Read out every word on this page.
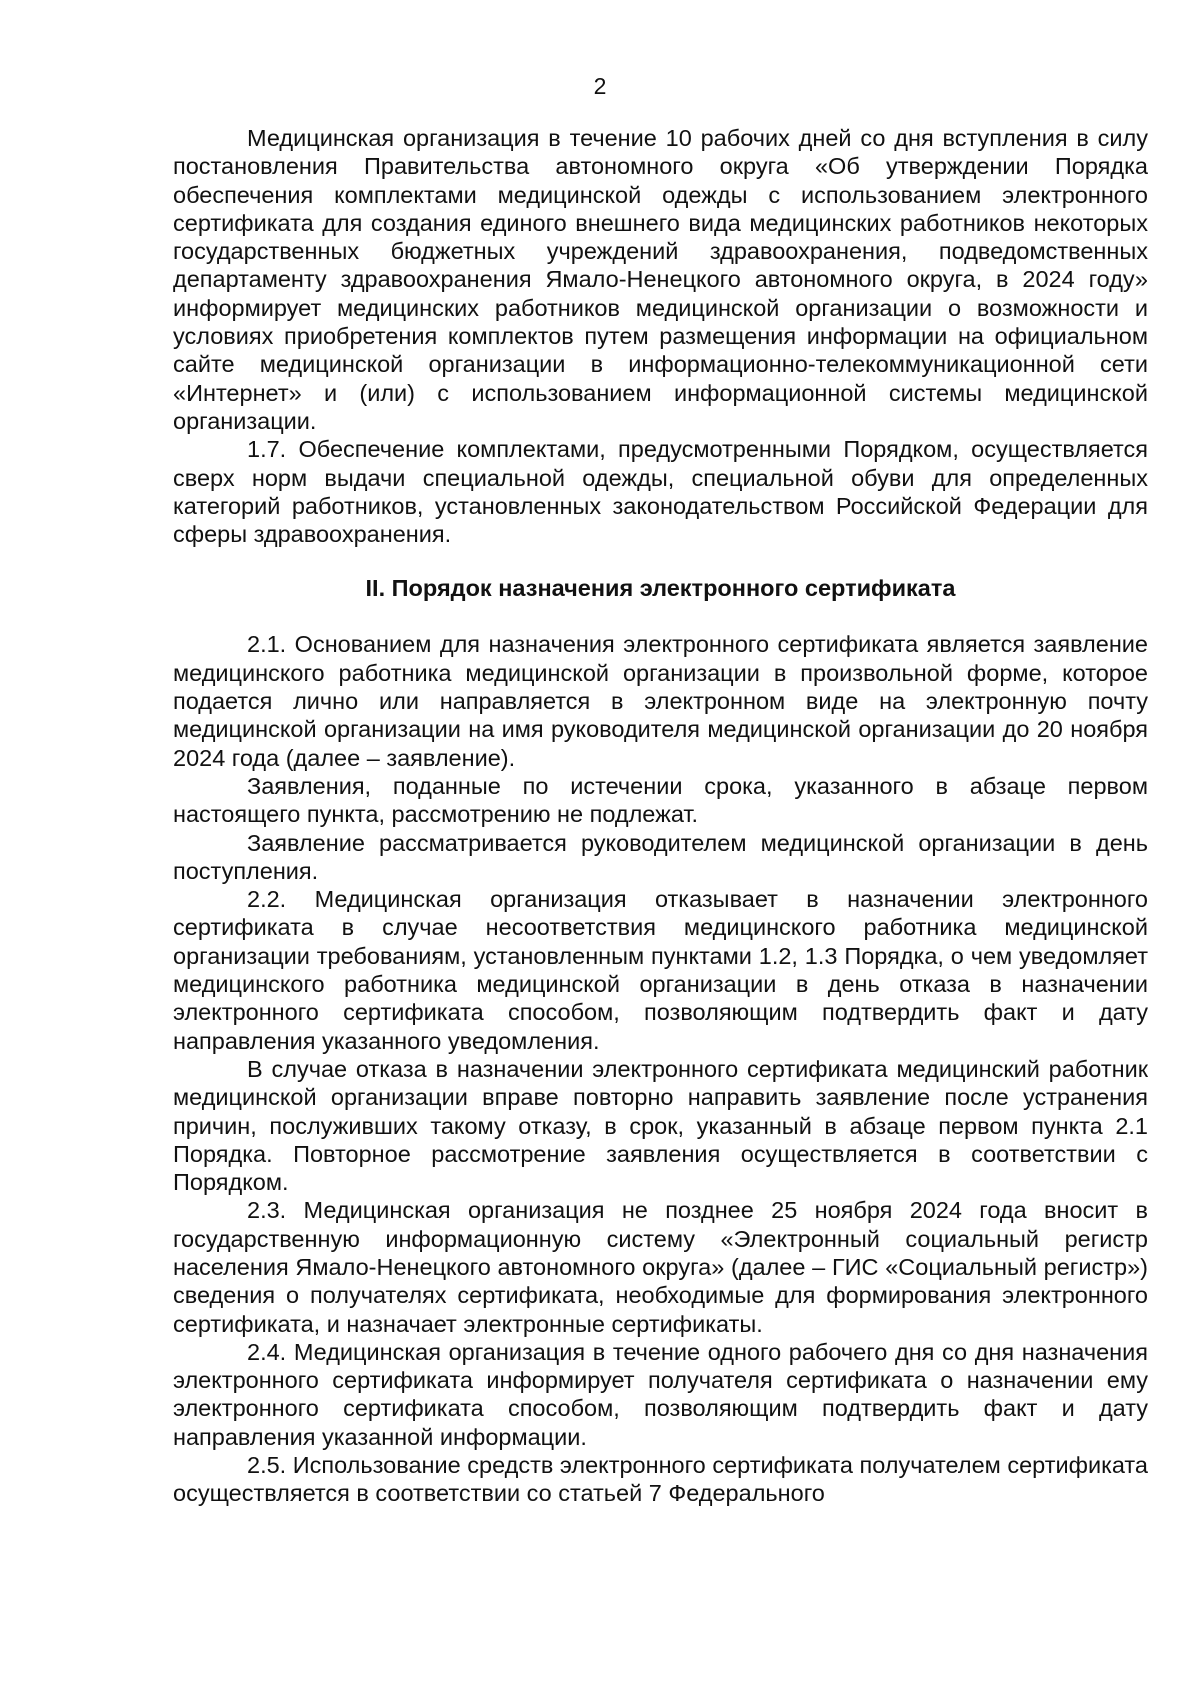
2

Медицинская организация в течение 10 рабочих дней со дня вступления в силу постановления Правительства автономного округа «Об утверждении Порядка обеспечения комплектами медицинской одежды с использованием электронного сертификата для создания единого внешнего вида медицинских работников некоторых государственных бюджетных учреждений здравоохранения, подведомственных департаменту здравоохранения Ямало-Ненецкого автономного округа, в 2024 году» информирует медицинских работников медицинской организации о возможности и условиях приобретения комплектов путем размещения информации на официальном сайте медицинской организации в информационно-телекоммуникационной сети «Интернет» и (или) с использованием информационной системы медицинской организации.

1.7. Обеспечение комплектами, предусмотренными Порядком, осуществляется сверх норм выдачи специальной одежды, специальной обуви для определенных категорий работников, установленных законодательством Российской Федерации для сферы здравоохранения.

II. Порядок назначения электронного сертификата

2.1. Основанием для назначения электронного сертификата является заявление медицинского работника медицинской организации в произвольной форме, которое подается лично или направляется в электронном виде на электронную почту медицинской организации на имя руководителя медицинской организации до 20 ноября 2024 года (далее – заявление).

Заявления, поданные по истечении срока, указанного в абзаце первом настоящего пункта, рассмотрению не подлежат.

Заявление рассматривается руководителем медицинской организации в день поступления.

2.2. Медицинская организация отказывает в назначении электронного сертификата в случае несоответствия медицинского работника медицинской организации требованиям, установленным пунктами 1.2, 1.3 Порядка, о чем уведомляет медицинского работника медицинской организации в день отказа в назначении электронного сертификата способом, позволяющим подтвердить факт и дату направления указанного уведомления.

В случае отказа в назначении электронного сертификата медицинский работник медицинской организации вправе повторно направить заявление после устранения причин, послуживших такому отказу, в срок, указанный в абзаце первом пункта 2.1 Порядка. Повторное рассмотрение заявления осуществляется в соответствии с Порядком.

2.3. Медицинская организация не позднее 25 ноября 2024 года вносит в государственную информационную систему «Электронный социальный регистр населения Ямало-Ненецкого автономного округа» (далее – ГИС «Социальный регистр») сведения о получателях сертификата, необходимые для формирования электронного сертификата, и назначает электронные сертификаты.

2.4. Медицинская организация в течение одного рабочего дня со дня назначения электронного сертификата информирует получателя сертификата о назначении ему электронного сертификата способом, позволяющим подтвердить факт и дату направления указанной информации.

2.5. Использование средств электронного сертификата получателем сертификата осуществляется в соответствии со статьей 7 Федерального
